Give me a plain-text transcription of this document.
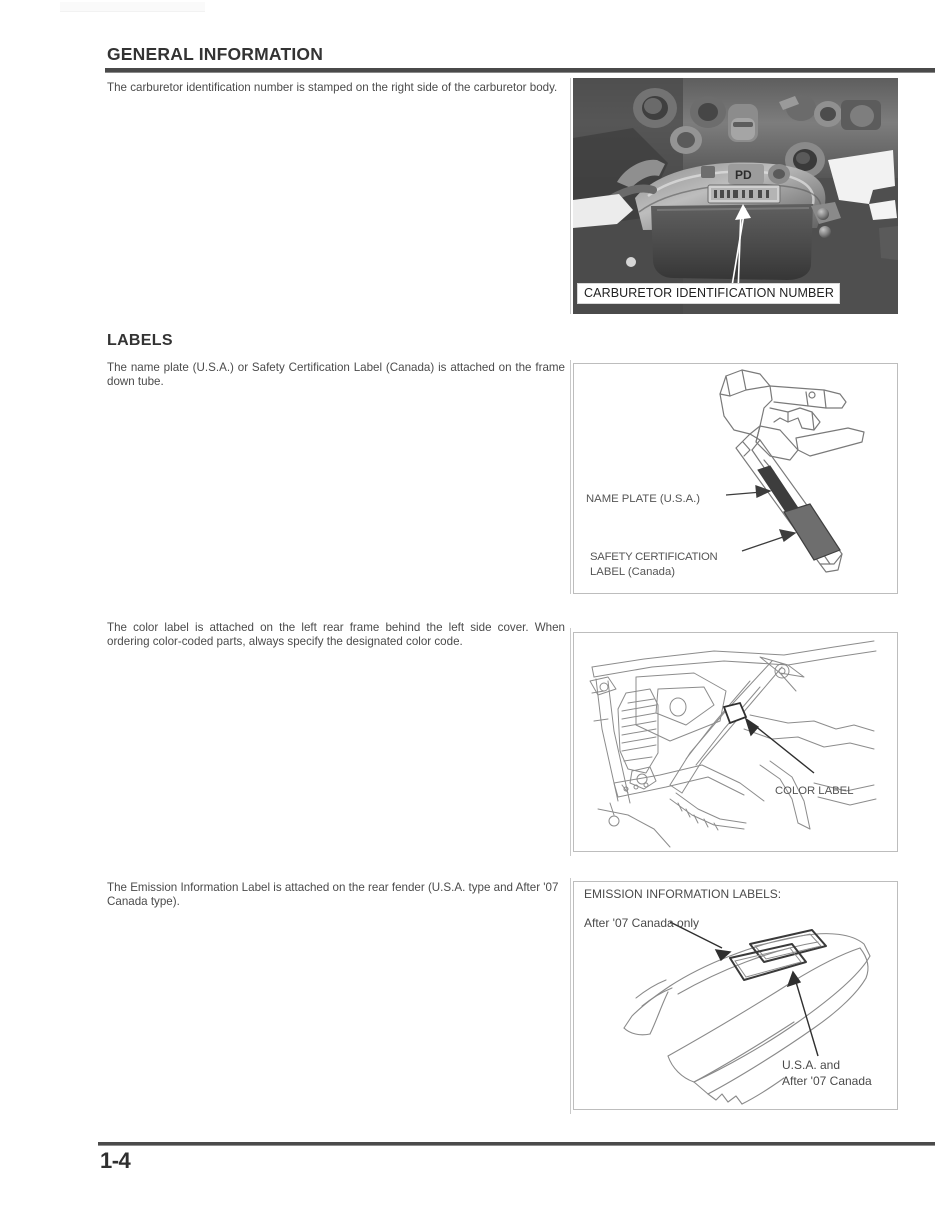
GENERAL INFORMATION
The carburetor identification number is stamped on the right side of the carburetor body.
PD
CARBURETOR IDENTIFICATION NUMBER
LABELS
The name plate (U.S.A.) or Safety Certification Label (Canada) is attached on the frame down tube.
NAME PLATE (U.S.A.)
SAFETY CERTIFICATION
LABEL (Canada)
The color label is attached on the left rear frame behind the left side cover. When ordering color-coded parts, always specify the designated color code.
COLOR LABEL
The Emission Information Label is attached on the rear fender (U.S.A. type and After '07 Canada type).
EMISSION INFORMATION LABELS:
After '07 Canada only
U.S.A. and
After '07 Canada
1-4
